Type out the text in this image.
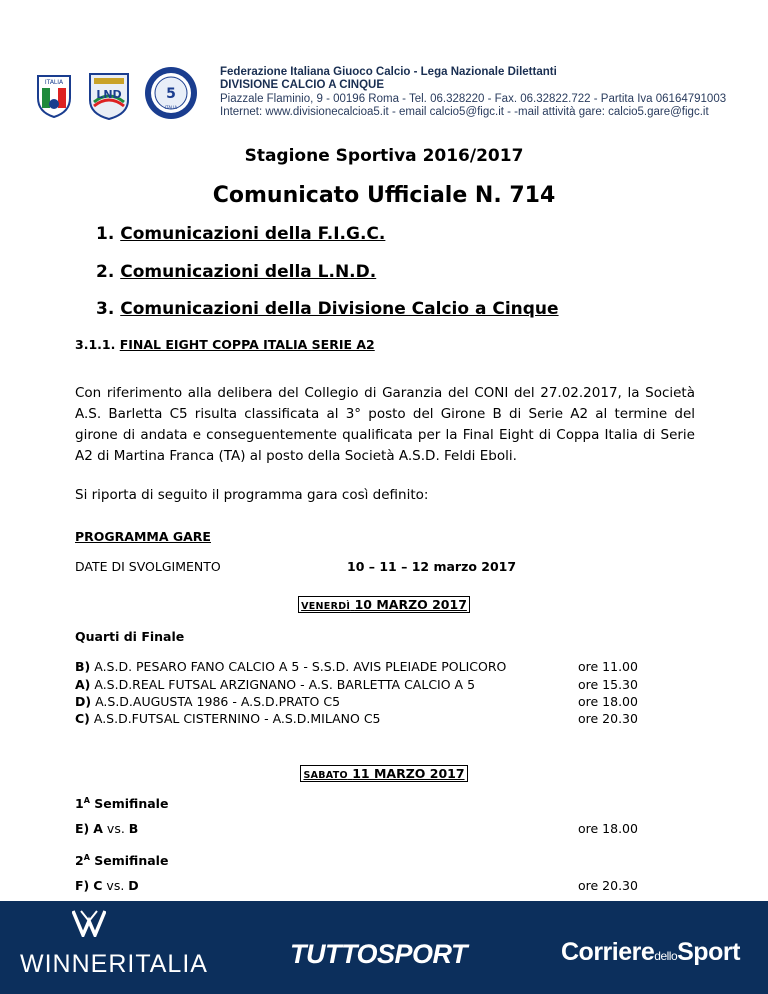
ITALIA
LND	5
ITALIA
Federazione Italiana Giuoco Calcio - Lega Nazionale Dilettanti
DIVISIONE CALCIO A CINQUE
Piazzale Flaminio, 9 - 00196 Roma - Tel. 06.328220 - Fax. 06.32822.722 - Partita Iva 06164791003
Internet: www.divisionecalcioa5.it - email calcio5@figc.it - -mail attività gare: calcio5.gare@figc.it
Stagione Sportiva 2016/2017
Comunicato Ufficiale N. 714
1. Comunicazioni della F.I.G.C.
2. Comunicazioni della L.N.D.
3. Comunicazioni della Divisione Calcio a Cinque
3.1.1. FINAL EIGHT COPPA ITALIA SERIE A2
Con riferimento alla delibera del Collegio di Garanzia del CONI del 27.02.2017, la Società A.S. Barletta C5 risulta classificata al 3° posto del Girone B di Serie A2 al termine del girone di andata e conseguentemente qualificata per la Final Eight di Coppa Italia di Serie A2 di Martina Franca (TA) al posto della Società A.S.D. Feldi Eboli.
Si riporta di seguito il programma gara così definito:
PROGRAMMA GARE
DATE DI SVOLGIMENTO	10 – 11 – 12 marzo 2017
VENERDÌ 10 MARZO 2017
Quarti di Finale
B) A.S.D. PESARO FANO CALCIO A 5 - S.S.D. AVIS PLEIADE POLICORO	ore 11.00
A) A.S.D.REAL FUTSAL ARZIGNANO - A.S. BARLETTA CALCIO A 5	ore 15.30
D) A.S.D.AUGUSTA 1986 - A.S.D.PRATO C5	ore 18.00
C) A.S.D.FUTSAL CISTERNINO - A.S.D.MILANO C5	ore 20.30
SABATO 11 MARZO 2017
$1^A$ Semifinale
E) A vs. B	ore 18.00
$2^A$ Semifinale
F) C vs. D	ore 20.30
WINNERITALIA	TUTTOSPORT	CorrieredelloSport
